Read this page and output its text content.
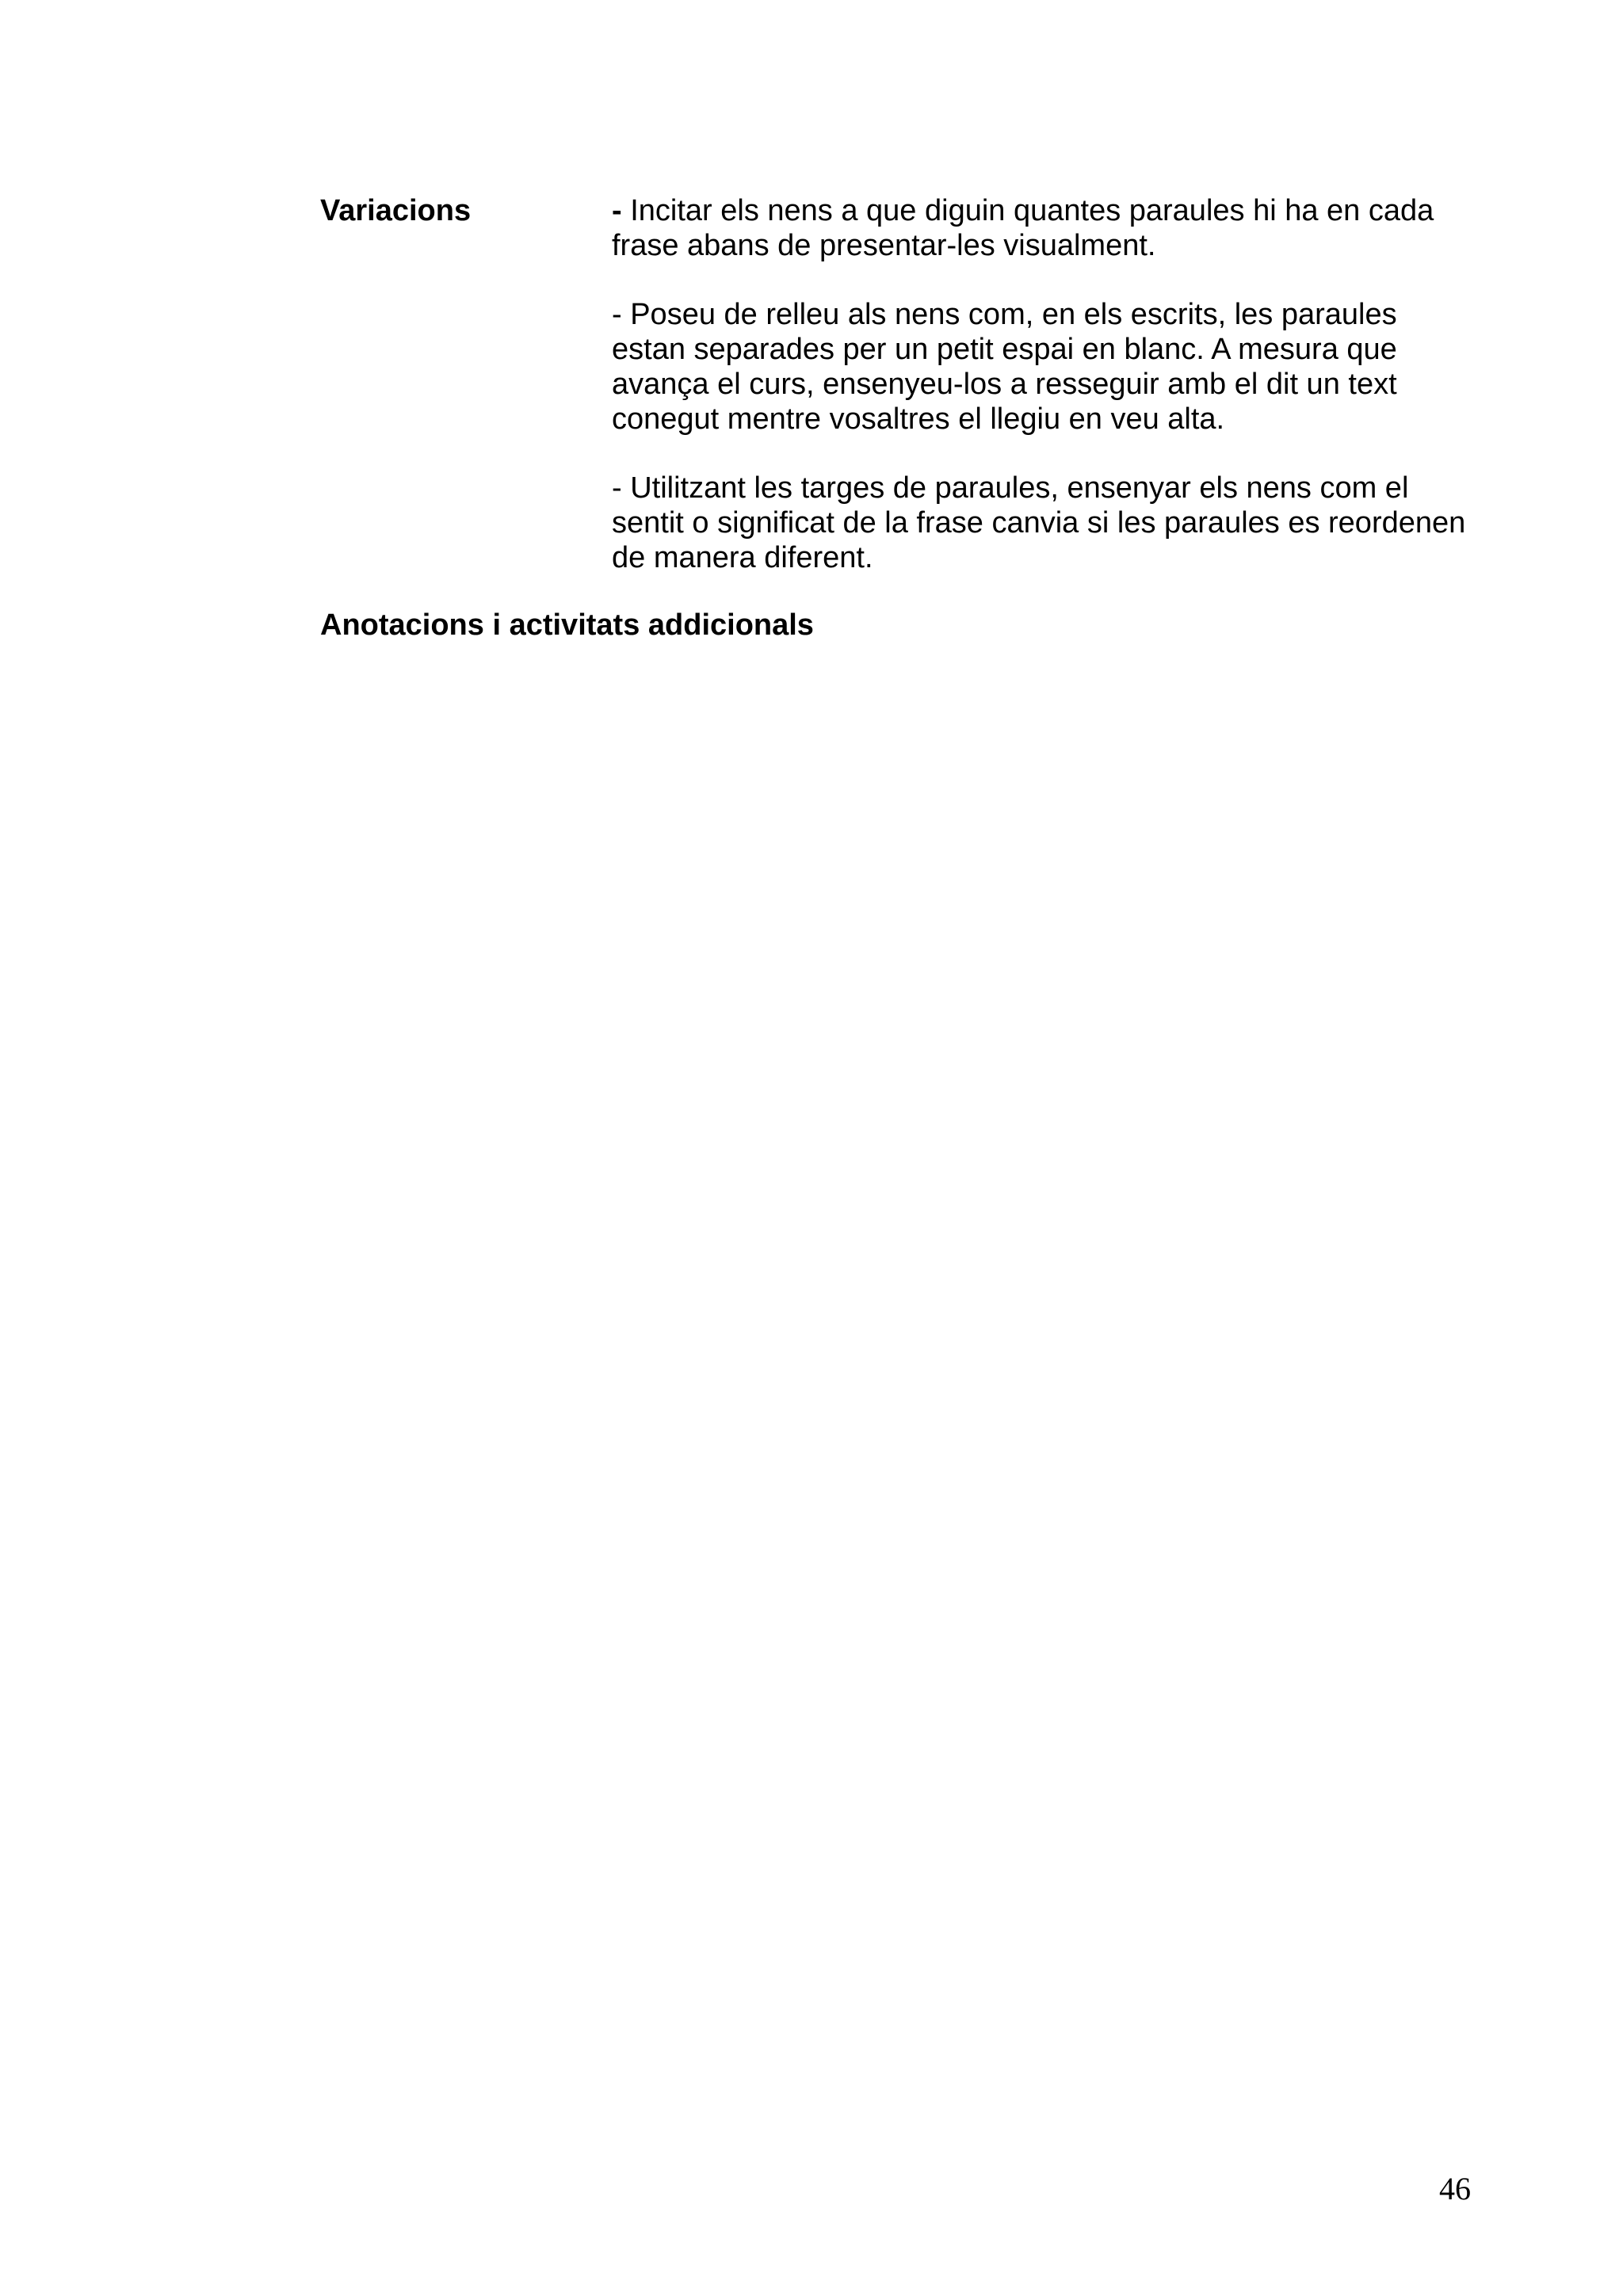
Variacions	- Incitar els nens a que diguin quantes paraules hi ha en cada
frase abans de presentar-les visualment.
- Poseu de relleu als nens com, en els escrits, les paraules
estan separades per un petit espai en blanc. A mesura que
avança el curs, ensenyeu-los a resseguir amb el dit un text
conegut mentre vosaltres el llegiu en veu alta.
- Utilitzant les targes de paraules, ensenyar els nens com el
sentit o significat de la frase canvia si les paraules es reordenen
de manera diferent.
Anotacions i activitats addicionals
46
